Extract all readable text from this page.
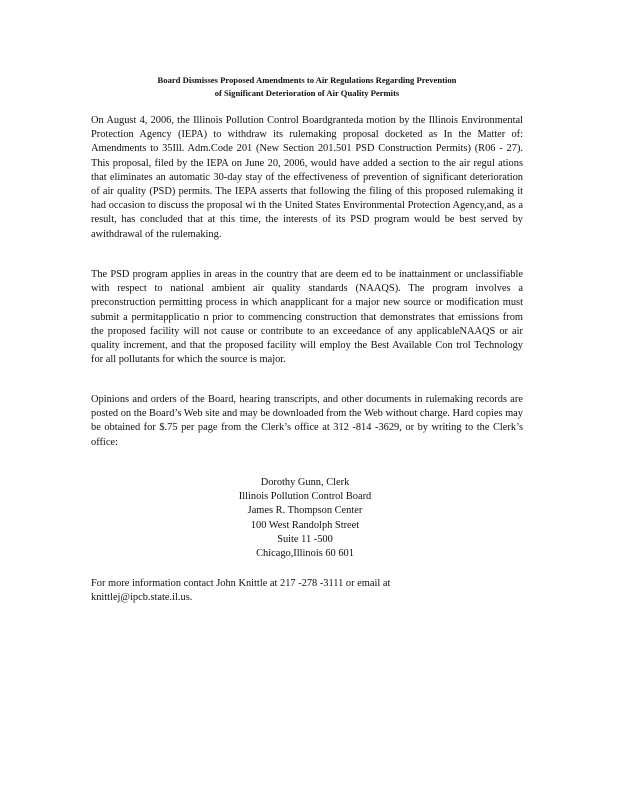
Board Dismisses Proposed Amendments to Air Regulations Regarding Prevention
of Significant Deterioration of Air Quality Permits

On August 4, 2006, the Illinois Pollution Control Boardgranteda motion by the Illinois Environmental Protection Agency (IEPA) to withdraw its rulemaking proposal docketed as In the Matter of: Amendments to 35Ill. Adm.Code 201 (New Section 201.501 PSD Construction Permits) (R06 - 27). This proposal, filed by the IEPA on June 20, 2006, would have added a section to the air regul ations that eliminates an automatic 30-day stay of the effectiveness of prevention of significant deterioration of air quality (PSD) permits. The IEPA asserts that following the filing of this proposed rulemaking it had occasion to discuss the proposal wi th the United States Environmental Protection Agency,and, as a result, has concluded that at this time, the interests of its PSD program would be best served by awithdrawal of the rulemaking.

The PSD program applies in areas in the country that are deem ed to be inattainment or unclassifiable with respect to national ambient air quality standards (NAAQS). The program involves a preconstruction permitting process in which anapplicant for a major new source or modification must submit a permitapplicatio n prior to commencing construction that demonstrates that emissions from the proposed facility will not cause or contribute to an exceedance of any applicableNAAQS or air quality increment, and that the proposed facility will employ the Best Available Con trol Technology for all pollutants for which the source is major.

Opinions and orders of the Board, hearing transcripts, and other documents in rulemaking records are posted on the Board’s Web site and may be downloaded from the Web without charge. Hard copies may be obtained for $.75 per page from the Clerk’s office at 312 -814 -3629, or by writing to the Clerk’s office:

Dorothy Gunn, Clerk
Illinois Pollution Control Board
James R. Thompson Center
100 West Randolph Street
Suite 11 -500
Chicago,Illinois 60 601

For more information contact John Knittle at 217 -278 -3111 or email at
knittlej@ipcb.state.il.us.
